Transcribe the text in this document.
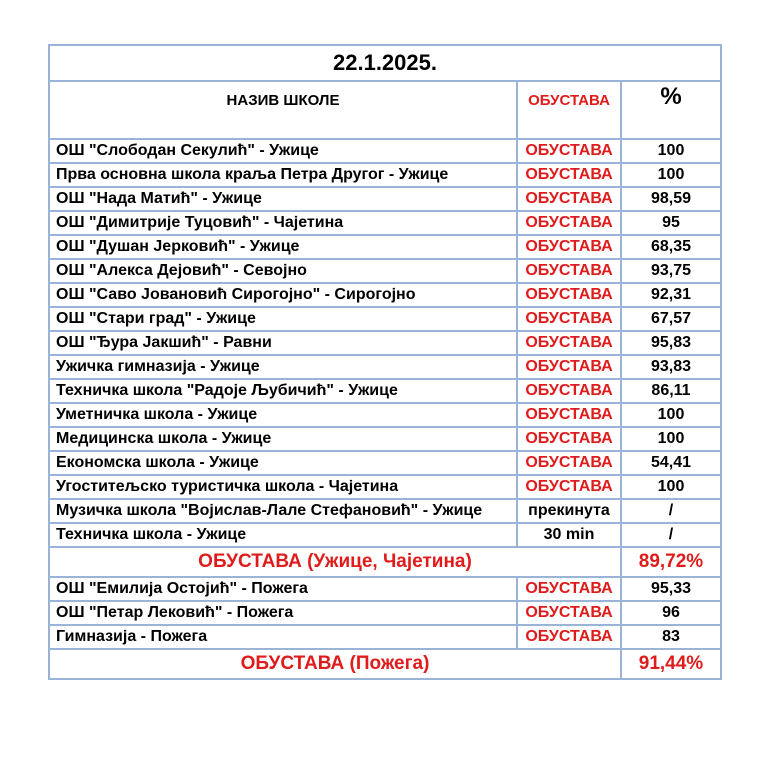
22.1.2025.		
НАЗИВ ШКОЛЕ	ОБУСТАВА	%
ОШ "Слободан Секулић" - Ужице	ОБУСТАВА	100
Прва основна школа краља Петра Другог - Ужице	ОБУСТАВА	100
ОШ "Нада Матић" - Ужице	ОБУСТАВА	98,59
ОШ "Димитрије Туцовић" - Чајетина	ОБУСТАВА	95
ОШ "Душан Јерковић" - Ужице	ОБУСТАВА	68,35
ОШ "Алекса Дејовић" - Севојно	ОБУСТАВА	93,75
ОШ "Саво Јовановић Сирогојно" - Сирогојно	ОБУСТАВА	92,31
ОШ "Стари град" - Ужице	ОБУСТАВА	67,57
ОШ "Ђура Јакшић" - Равни	ОБУСТАВА	95,83
Ужичка гимназија - Ужице	ОБУСТАВА	93,83
Техничка школа "Радоје Љубичић" - Ужице	ОБУСТАВА	86,11
Уметничка школа - Ужице	ОБУСТАВА	100
Медицинска школа - Ужице	ОБУСТАВА	100
Економска школа - Ужице	ОБУСТАВА	54,41
Угоститељско туристичка школа - Чајетина	ОБУСТАВА	100
Музичка школа "Војислав-Лале Стефановић" - Ужице	прекинута	/
Техничка школа - Ужице	30 min	/
ОБУСТАВА (Ужице, Чајетина)		89,72%
ОШ "Емилија Остојић" - Пожега	ОБУСТАВА	95,33
ОШ "Петар Лековић" - Пожега	ОБУСТАВА	96
Гимназија - Пожега	ОБУСТАВА	83
ОБУСТАВА (Пожега)		91,44%
